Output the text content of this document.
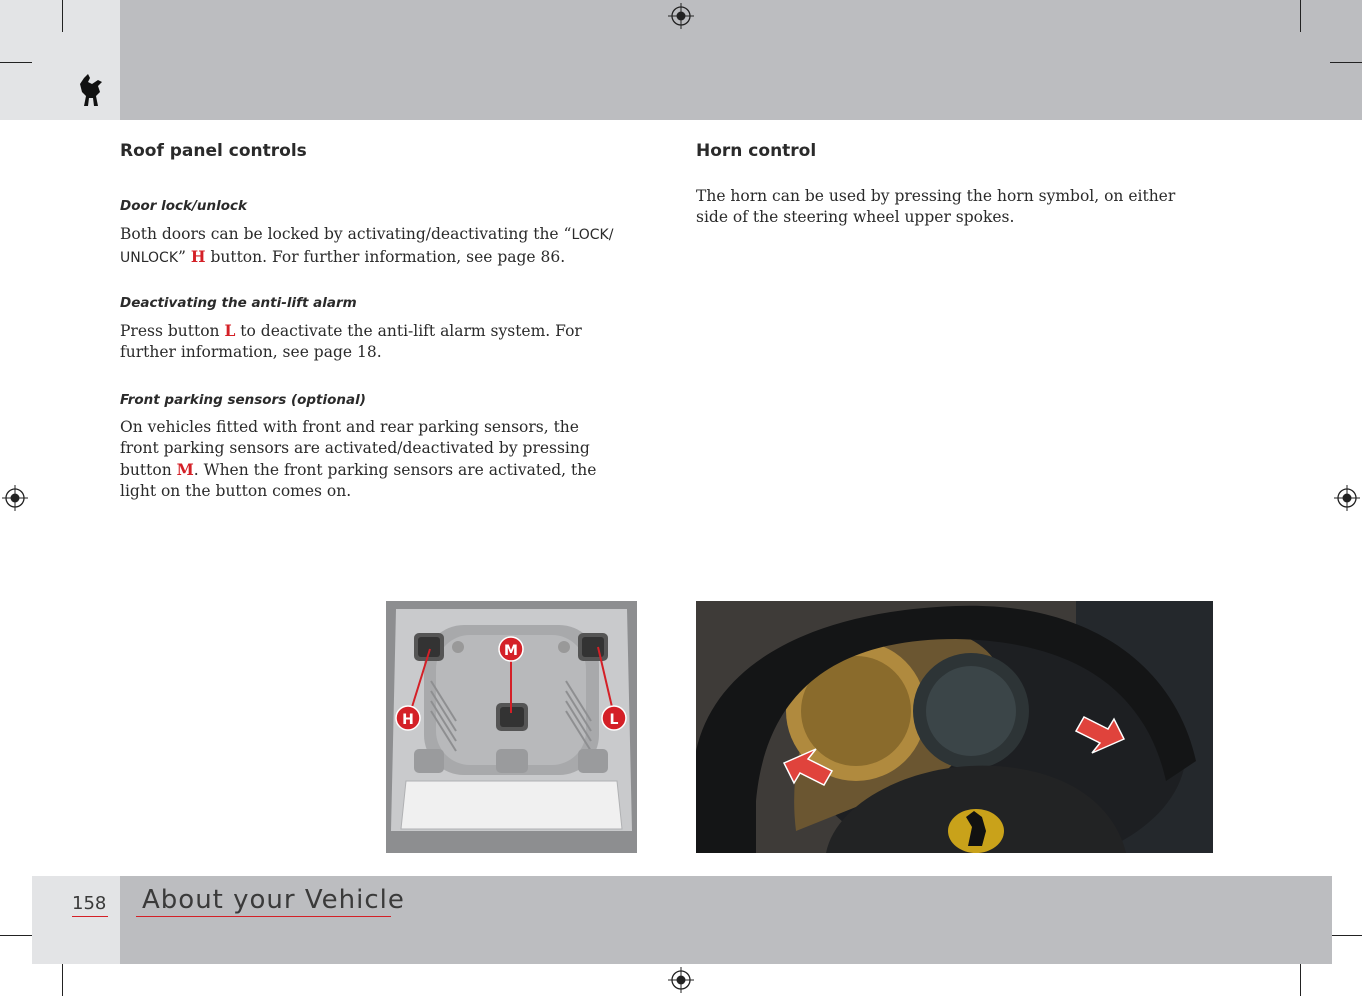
Roof panel controls
Door lock/unlock
Both doors can be locked by activating/deactivating the “LOCK/ UNLOCK” H button. For further information, see page 86.
Deactivating the anti-lift alarm
Press button L to deactivate the anti-lift alarm system. For further information, see page 18.
Front parking sensors (optional)
On vehicles fitted with front and rear parking sensors, the front parking sensors are activated/deactivated by pressing button M. When the front parking sensors are activated, the light on the button comes on.
Horn control
The horn can be used by pressing the horn symbol, on either side of the steering wheel upper spokes.
M
H	L
158 About your Vehicle
